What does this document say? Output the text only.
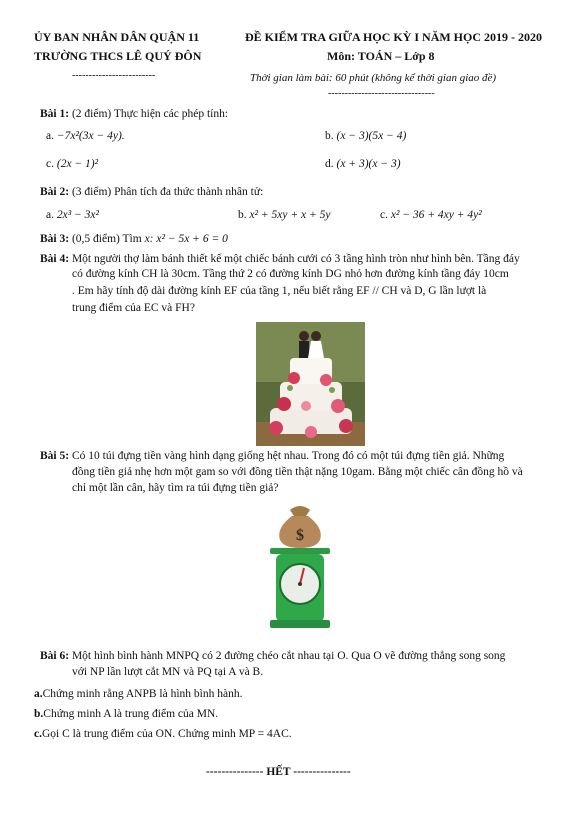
ỦY BAN NHÂN DÂN QUẬN 11
TRƯỜNG THCS LÊ QUÝ ĐÔN
-------------------------
ĐỀ KIỂM TRA GIỮA HỌC KỲ I NĂM HỌC 2019 - 2020
Môn: TOÁN – Lớp 8
Thời gian làm bài: 60 phút (không kể thời gian giao đề)
--------------------------------
Bài 1: (2 điểm) Thực hiện các phép tính:
a. −7x²(3x − 4y).	b. (x − 3)(5x − 4)
c. (2x − 1)²	d. (x + 3)(x − 3)
Bài 2: (3 điểm) Phân tích đa thức thành nhân tử:
a. 2x³ − 3x²	b. x² + 5xy + x + 5y	c. x² − 36 + 4xy + 4y²
Bài 3: (0,5 điểm) Tìm x: x² − 5x + 6 = 0
Bài 4: Một người thợ làm bánh thiết kế một chiếc bánh cưới có 3 tầng hình tròn như hình bên. Tầng đáy
có đường kính CH là 30cm. Tầng thứ 2 có đường kính DG nhỏ hơn đường kính tầng đáy 10cm
. Em hãy tính độ dài đường kính EF của tầng 1, nếu biết rằng EF // CH và D, G lần lượt là
trung điểm của EC và FH?
Bài 5: Có 10 túi đựng tiền vàng hình dạng giống hệt nhau. Trong đó có một túi đựng tiền giả. Những
đồng tiền giả nhẹ hơn một gam so với đồng tiền thật nặng 10gam. Bằng một chiếc cân đồng hồ và
chỉ một lần cân, hãy tìm ra túi đựng tiền giả?
$
Bài 6: Một hình bình hành MNPQ có 2 đường chéo cắt nhau tại O. Qua O vẽ đường thẳng song song
với NP lần lượt cắt MN và PQ tại A và B.
a.Chứng minh rằng ANPB là hình bình hành.
b.Chứng minh A là trung điểm của MN.
c.Gọi C là trung điểm của ON. Chứng minh MP = 4AC.
--------------- HẾT ---------------
